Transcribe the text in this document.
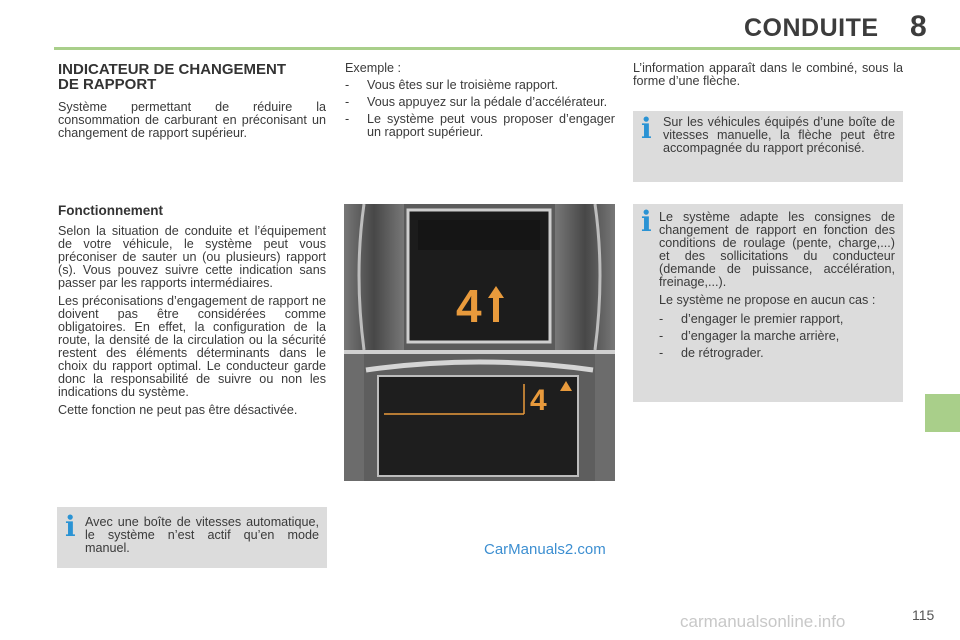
CONDUITE 8
INDICATEUR DE CHANGEMENT
DE RAPPORT

Système permettant de réduire la consommation de carburant en préconisant un changement de rapport supérieur.

Fonctionnement

Selon la situation de conduite et l’équipement de votre véhicule, le système peut vous préconiser de sauter un (ou plusieurs) rapport (s). Vous pouvez suivre cette indication sans passer par les rapports intermédiaires.

Les préconisations d’engagement de rapport ne doivent pas être considérées comme obligatoires. En effet, la configuration de la route, la densité de la circulation ou la sécurité restent des éléments déterminants dans le choix du rapport optimal. Le conducteur garde donc la responsabilité de suivre ou non les indications du système.

Cette fonction ne peut pas être désactivée.

i Avec une boîte de vitesses automatique, le système n’est actif qu’en mode manuel.

Exemple :

- Vous êtes sur le troisième rapport.
- Vous appuyez sur la pédale d’accélérateur.
- Le système peut vous proposer d’engager un rapport supérieur.
4
4

L’information apparaît dans le combiné, sous la forme d’une flèche.

i Sur les véhicules équipés d’une boîte de vitesses manuelle, la flèche peut être accompagnée du rapport préconisé.

i Le système adapte les consignes de changement de rapport en fonction des conditions de roulage (pente, charge,...) et des sollicitations du conducteur (demande de puissance, accélération, freinage,...).

Le système ne propose en aucun cas :

- d’engager le premier rapport,
- d’engager la marche arrière,
- de rétrograder.
CarManuals2.com
carmanualsonline.info	115
